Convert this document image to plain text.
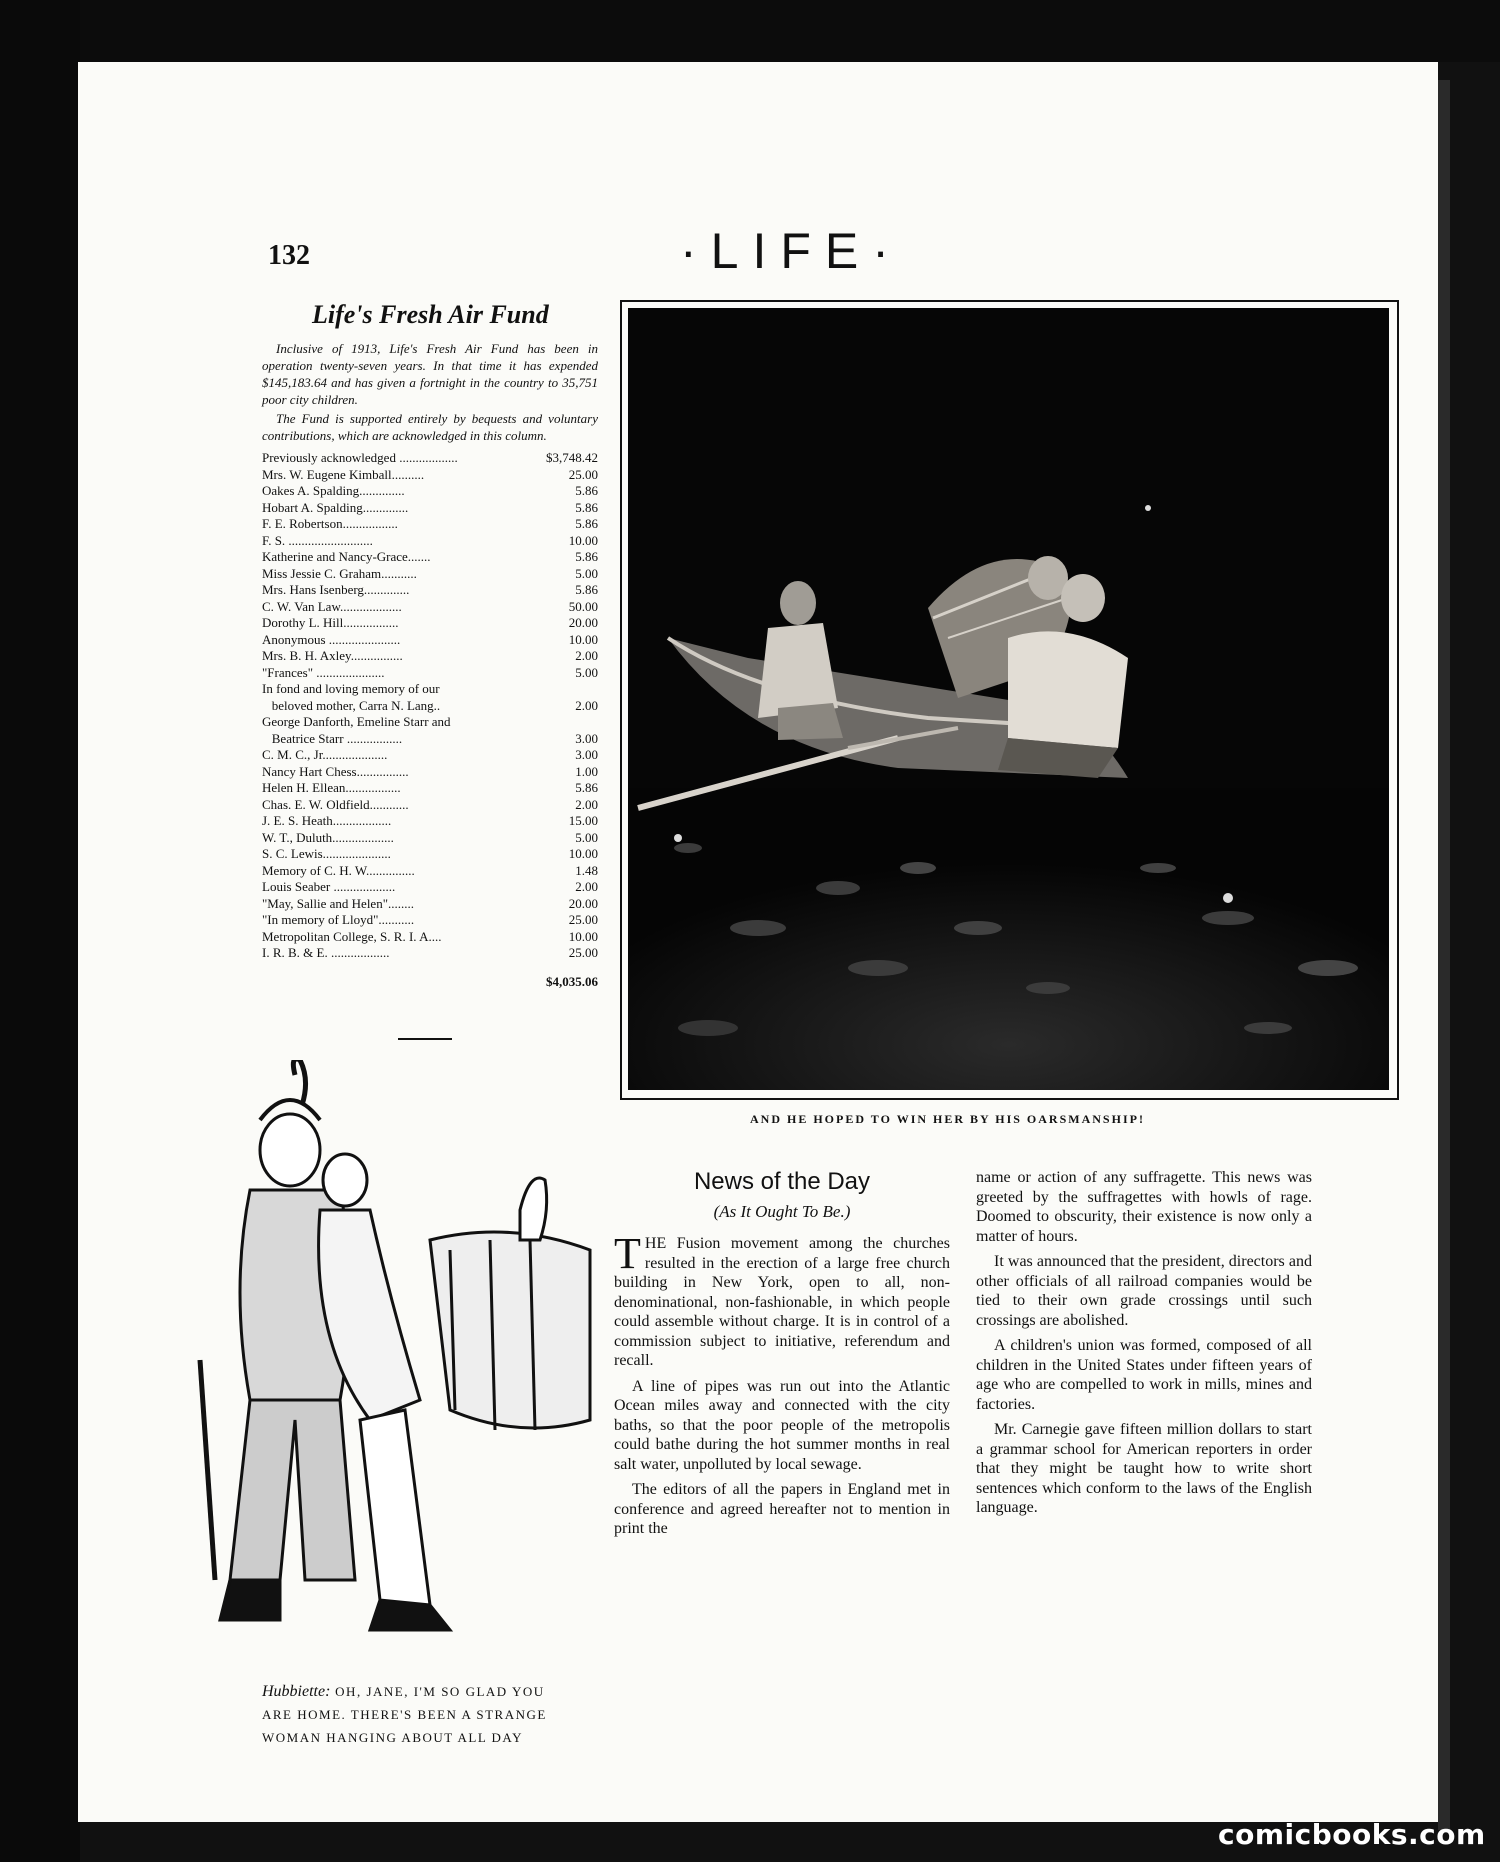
132	·LIFE·
Life's Fresh Air Fund

Inclusive of 1913, Life's Fresh Air Fund has been in operation twenty-seven years. In that time it has expended $145,183.64 and has given a fortnight in the country to 35,751 poor city children.

The Fund is supported entirely by bequests and voluntary contributions, which are acknowledged in this column.

Previously acknowledged ..................	$3,748.42
Mrs. W. Eugene Kimball..........	25.00
Oakes A. Spalding..............	5.86
Hobart A. Spalding..............	5.86
F. E. Robertson.................	5.86
F. S. ..........................	10.00
Katherine and Nancy-Grace.......	5.86
Miss Jessie C. Graham...........	5.00
Mrs. Hans Isenberg..............	5.86
C. W. Van Law...................	50.00
Dorothy L. Hill.................	20.00
Anonymous ......................	10.00
Mrs. B. H. Axley................	2.00
"Frances" .....................	5.00
In fond and loving memory of our
beloved mother, Carra N. Lang..	2.00
George Danforth, Emeline Starr and
Beatrice Starr .................	3.00
C. M. C., Jr....................	3.00
Nancy Hart Chess................	1.00
Helen H. Ellean.................	5.86
Chas. E. W. Oldfield............	2.00
J. E. S. Heath..................	15.00
W. T., Duluth...................	5.00
S. C. Lewis.....................	10.00
Memory of C. H. W...............	1.48
Louis Seaber ...................	2.00
"May, Sallie and Helen"........	20.00
"In memory of Lloyd"...........	25.00
Metropolitan College, S. R. I. A....	10.00
I. R. B. & E. ..................	25.00
$4,035.06
AND HE HOPED TO WIN HER BY HIS OARSMANSHIP!
Hubbiette: OH, JANE, I'M SO GLAD YOU
ARE HOME. THERE'S BEEN A STRANGE
WOMAN HANGING ABOUT ALL DAY
News of the Day
(As It Ought To Be.)

THE Fusion movement among the churches resulted in the erection of a large free church building in New York, open to all, non-denominational, non-fashionable, in which people could assemble without charge. It is in control of a commission subject to initiative, referendum and recall.

A line of pipes was run out into the Atlantic Ocean miles away and connected with the city baths, so that the poor people of the metropolis could bathe during the hot summer months in real salt water, unpolluted by local sewage.

The editors of all the papers in England met in conference and agreed hereafter not to mention in print the

name or action of any suffragette. This news was greeted by the suffragettes with howls of rage. Doomed to obscurity, their existence is now only a matter of hours.

It was announced that the president, directors and other officials of all railroad companies would be tied to their own grade crossings until such crossings are abolished.

A children's union was formed, composed of all children in the United States under fifteen years of age who are compelled to work in mills, mines and factories.

Mr. Carnegie gave fifteen million dollars to start a grammar school for American reporters in order that they might be taught how to write short sentences which conform to the laws of the English language.

comicbooks.com
